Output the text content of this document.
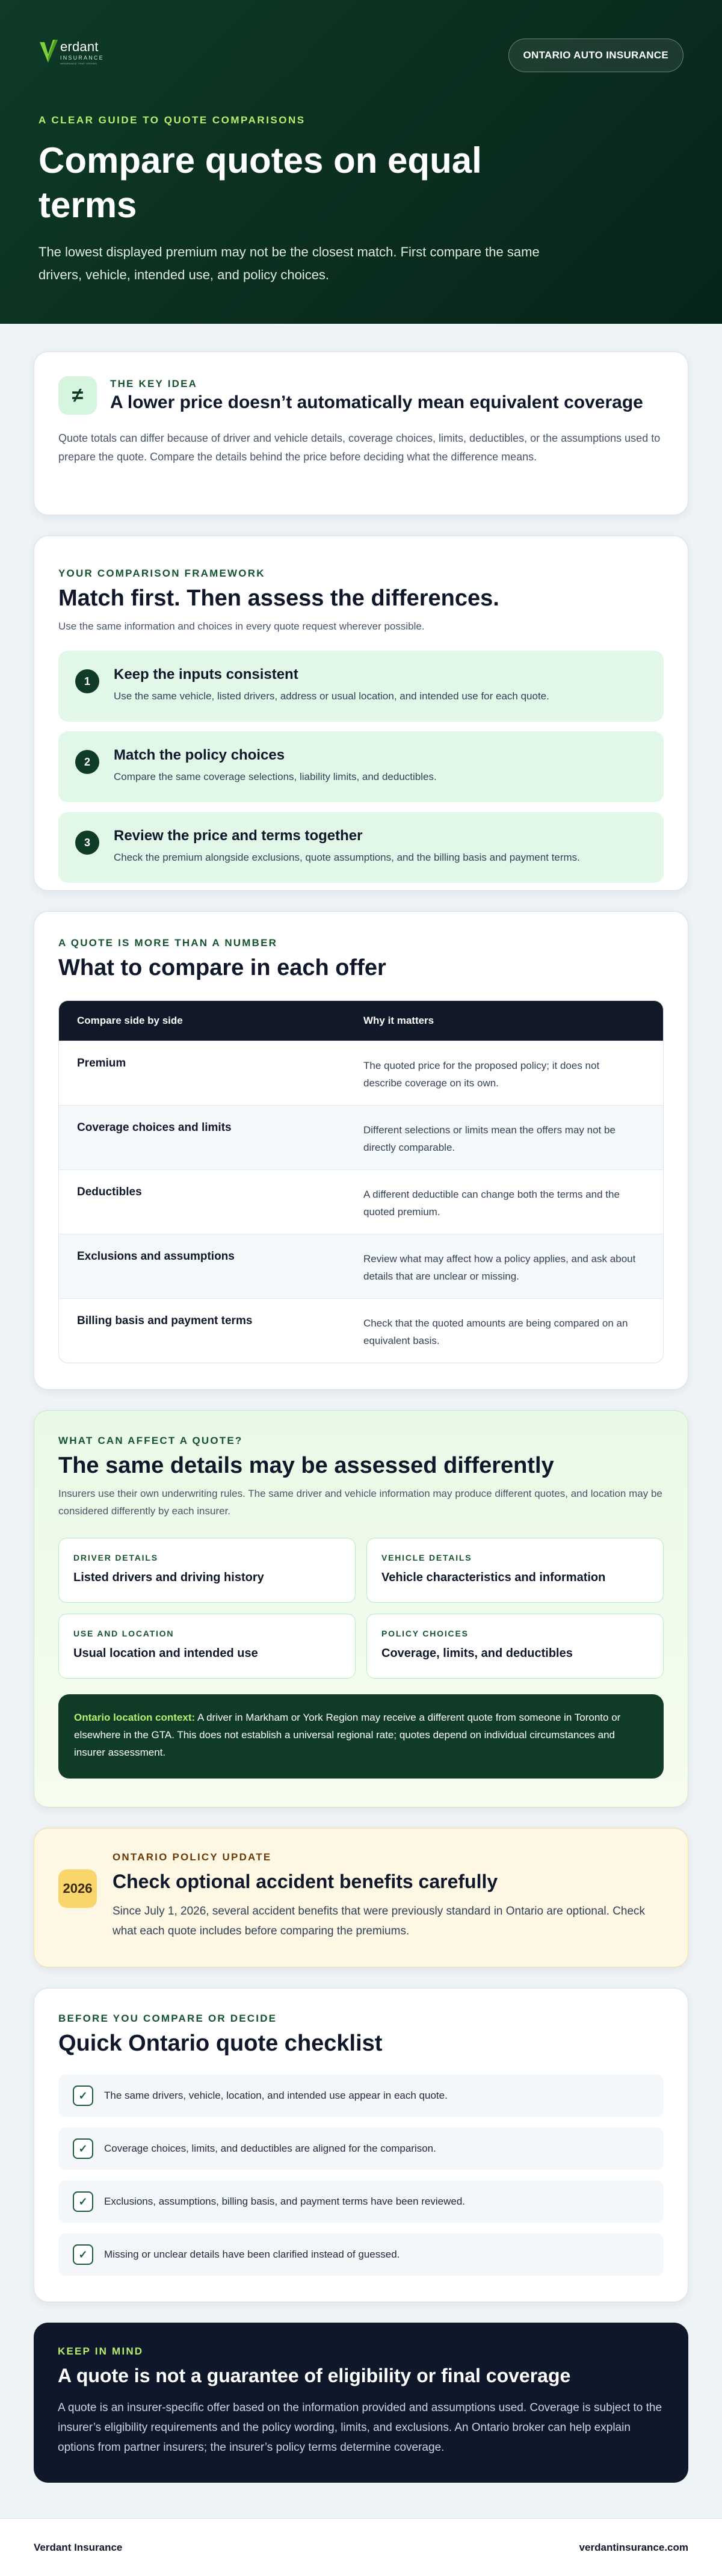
erdant
INSURANCE
INSURANCE THAT GROWS
ONTARIO AUTO INSURANCE
A CLEAR GUIDE TO QUOTE COMPARISONS
Compare quotes on equal terms

The lowest displayed premium may not be the closest match. First compare the same drivers, vehicle, intended use, and policy choices.

≠	THE KEY IDEA
A lower price doesn’t automatically mean equivalent coverage

Quote totals can differ because of driver and vehicle details, coverage choices, limits, deductibles, or the assumptions used to prepare the quote. Compare the details behind the price before deciding what the difference means.

YOUR COMPARISON FRAMEWORK
Match first. Then assess the differences.

Use the same information and choices in every quote request wherever possible.

1	Keep the inputs consistent
Use the same vehicle, listed drivers, address or usual location, and intended use for each quote.
2	Match the policy choices
Compare the same coverage selections, liability limits, and deductibles.
3	Review the price and terms together
Check the premium alongside exclusions, quote assumptions, and the billing basis and payment terms.
A QUOTE IS MORE THAN A NUMBER
What to compare in each offer
Compare side by side	Why it matters
Premium	The quoted price for the proposed policy; it does not describe coverage on its own.
Coverage choices and limits	Different selections or limits mean the offers may not be directly comparable.
Deductibles	A different deductible can change both the terms and the quoted premium.
Exclusions and assumptions	Review what may affect how a policy applies, and ask about details that are unclear or missing.
Billing basis and payment terms	Check that the quoted amounts are being compared on an equivalent basis.
WHAT CAN AFFECT A QUOTE?
The same details may be assessed differently

Insurers use their own underwriting rules. The same driver and vehicle information may produce different quotes, and location may be considered differently by each insurer.

DRIVER DETAILS
Listed drivers and driving history
VEHICLE DETAILS
Vehicle characteristics and information
USE AND LOCATION
Usual location and intended use
POLICY CHOICES
Coverage, limits, and deductibles
Ontario location context: A driver in Markham or York Region may receive a different quote from someone in Toronto or elsewhere in the GTA. This does not establish a universal regional rate; quotes depend on individual circumstances and insurer assessment.
2026
ONTARIO POLICY UPDATE
Check optional accident benefits carefully

Since July 1, 2026, several accident benefits that were previously standard in Ontario are optional. Check what each quote includes before comparing the premiums.

BEFORE YOU COMPARE OR DECIDE
Quick Ontario quote checklist
✓	The same drivers, vehicle, location, and intended use appear in each quote.
✓	Coverage choices, limits, and deductibles are aligned for the comparison.
✓	Exclusions, assumptions, billing basis, and payment terms have been reviewed.
✓	Missing or unclear details have been clarified instead of guessed.
KEEP IN MIND
A quote is not a guarantee of eligibility or final coverage

A quote is an insurer-specific offer based on the information provided and assumptions used. Coverage is subject to the insurer’s eligibility requirements and the policy wording, limits, and exclusions. An Ontario broker can help explain options from partner insurers; the insurer’s policy terms determine coverage.

Verdant Insurance	verdantinsurance.com
